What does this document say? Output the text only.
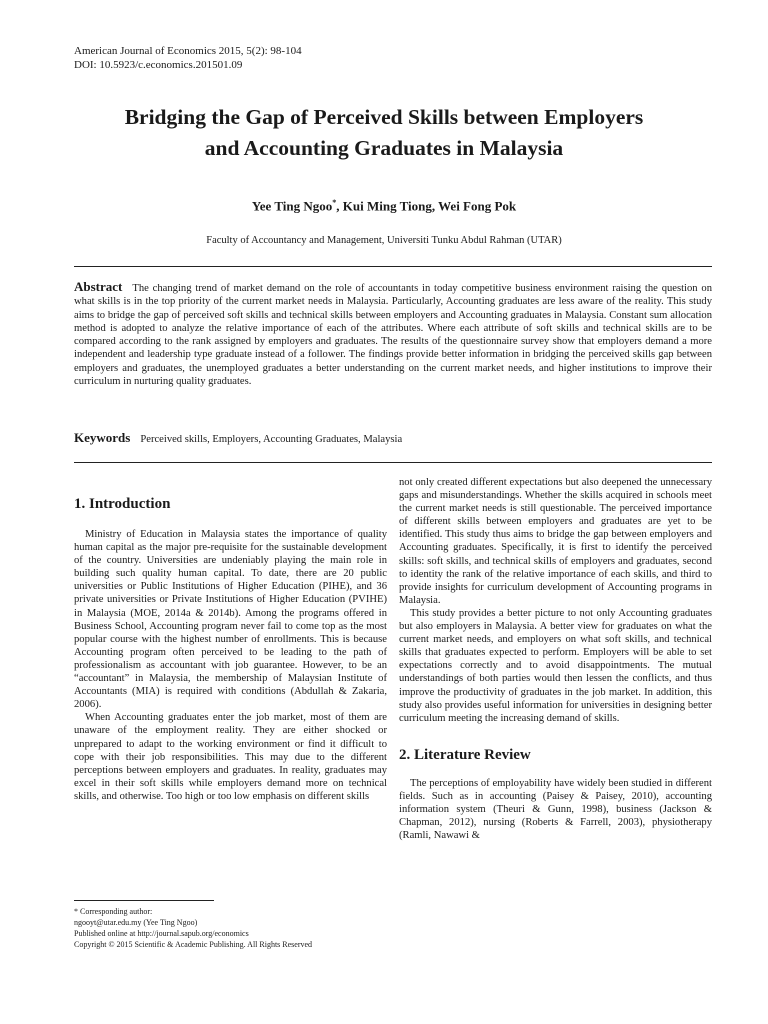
American Journal of Economics 2015, 5(2): 98-104
DOI: 10.5923/c.economics.201501.09
Bridging the Gap of Perceived Skills between Employers
and Accounting Graduates in Malaysia
Yee Ting Ngoo*, Kui Ming Tiong, Wei Fong Pok
Faculty of Accountancy and Management, Universiti Tunku Abdul Rahman (UTAR)
Abstract The changing trend of market demand on the role of accountants in today competitive business environment raising the question on what skills is in the top priority of the current market needs in Malaysia. Particularly, Accounting graduates are less aware of the reality. This study aims to bridge the gap of perceived soft skills and technical skills between employers and Accounting graduates in Malaysia. Constant sum allocation method is adopted to analyze the relative importance of each of the attributes. Where each attribute of soft skills and technical skills are to be compared according to the rank assigned by employers and graduates. The results of the questionnaire survey show that employers demand a more independent and leadership type graduate instead of a follower. The findings provide better information in bridging the perceived skills gap between employers and graduates, the unemployed graduates a better understanding on the current market needs, and higher institutions to improve their curriculum in nurturing quality graduates.
Keywords Perceived skills, Employers, Accounting Graduates, Malaysia
1. Introduction

Ministry of Education in Malaysia states the importance of quality human capital as the major pre-requisite for the sustainable development of the country. Universities are undeniably playing the main role in building such quality human capital. To date, there are 20 public universities or Public Institutions of Higher Education (PIHE), and 36 private universities or Private Institutions of Higher Education (PVIHE) in Malaysia (MOE, 2014a & 2014b). Among the programs offered in Business School, Accounting program never fail to come top as the most popular course with the highest number of enrollments. This is because Accounting program often perceived to be leading to the path of professionalism as accountant with job guarantee. However, to be an “accountant” in Malaysia, the membership of Malaysian Institute of Accountants (MIA) is required with conditions (Abdullah & Zakaria, 2006).

When Accounting graduates enter the job market, most of them are unaware of the employment reality. They are either shocked or unprepared to adapt to the working environment or find it difficult to cope with their job responsibilities. This may due to the different perceptions between employers and graduates. In reality, graduates may excel in their soft skills while employers demand more on technical skills, and otherwise. Too high or too low emphasis on different skills

not only created different expectations but also deepened the unnecessary gaps and misunderstandings. Whether the skills acquired in schools meet the current market needs is still questionable. The perceived importance of different skills between employers and graduates are yet to be identified. This study thus aims to bridge the gap between employers and Accounting graduates. Specifically, it is first to identify the perceived skills: soft skills, and technical skills of employers and graduates, second to identity the rank of the relative importance of each skills, and third to provide insights for curriculum development of Accounting programs in Malaysia.

This study provides a better picture to not only Accounting graduates but also employers in Malaysia. A better view for graduates on what the current market needs, and employers on what soft skills, and technical skills that graduates expected to perform. Employers will be able to set expectations correctly and to avoid disappointments. The mutual understandings of both parties would then lessen the conflicts, and thus improve the productivity of graduates in the job market. In addition, this study also provides useful information for universities in designing better curriculum meeting the increasing demand of skills.

2. Literature Review

The perceptions of employability have widely been studied in different fields. Such as in accounting (Paisey & Paisey, 2010), accounting information system (Theuri & Gunn, 1998), business (Jackson & Chapman, 2012), nursing (Roberts & Farrell, 2003), physiotherapy (Ramli, Nawawi &

* Corresponding author:
ngooyt@utar.edu.my (Yee Ting Ngoo)
Published online at http://journal.sapub.org/economics
Copyright © 2015 Scientific & Academic Publishing. All Rights Reserved
